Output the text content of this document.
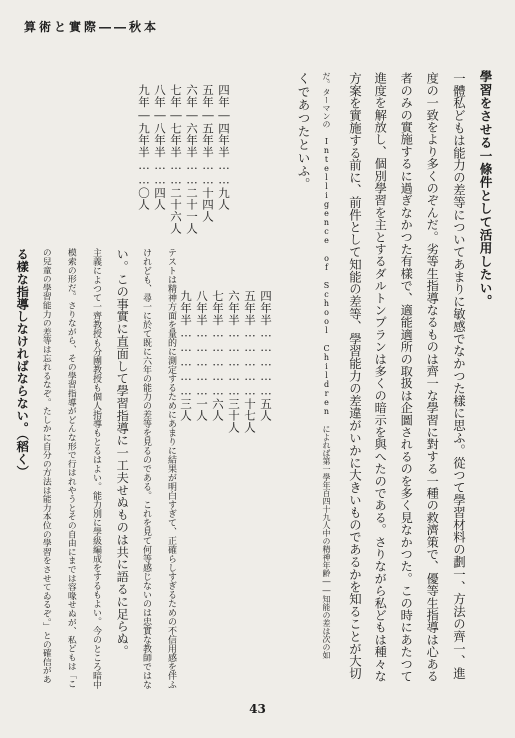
算術と實際――秋本
學習をさせる一條件として活用したい。
一體私どもは能力の差等についてあまりに敏感でなかつた樣に思ふ。從つて學習材料の劃一、方法の齊一、進
度の一致をより多くのぞんだ。劣等生指導なるものは齊一な學習に對する一種の救濟策で、優等生指導は心ある
者のみの實施するに過ぎなかつた有樣で、適能適所の取扱は企圖されるのを多く見なかつた。この時にあたつて
進度を解放し、個別學習を主とするダルトンプランは多くの暗示を與へたのである。さりながら私どもは種々な
方案を實施する前に、前件として知能の差等、學習能力の差違がいかに大きいものであるかを知ることが大切
だ。ターマンの Intelligence of School Children によれば第一學年百四十九人中の精神年齢――知能の差は次の如
くであつたといふ。
四年―四年半……九人
五年―五年半……十四人
六年―六年半……二十一人
七年―七年半……二十六人
八年―八年半……四人
九年―九年半……〇人
四年半……………五人
五年半……………十七人
六年半……………三十人
七年半……………六人
八年半……………一人
九年半……………三人
テストは精神方面を量的に測定するためにあまりに結果が明白すぎて、正確らしすぎるための不信用感を伴ふ
けれども、尋一に於て既に六年の能力の差等を見るのである。これを見て何等感じないのは忠實な教師ではな
い。この事實に直面して學習指導に一工夫せぬものは共に語るに足らぬ。
主義によつて一齊教授も分團教授も個人指導もとるはよい。能力別に學級編成をするもよい。今のところ暗中
模索の形だ。さりながら、その學習指導がどんな形で行はれやうとその自由にまでは容喙せぬが、私どもは「こ
の兒童の學習能力の差等は忘れるなぞ。たしかに自分の方法は能力本位の學習をさせてゐるぞ。」との確信があ
る樣な指導しなければならない。（稻く）
43
